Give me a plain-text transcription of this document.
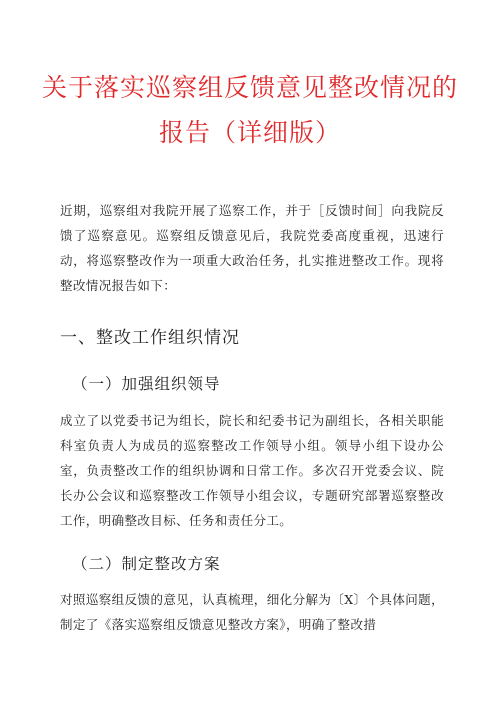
关于落实巡察组反馈意见整改情况的
报告（详细版）

近期，巡察组对我院开展了巡察工作，并于［反馈时间］向我院反馈了巡察意见。巡察组反馈意见后，我院党委高度重视，迅速行动，将巡察整改作为一项重大政治任务，扎实推进整改工作。现将整改情况报告如下：

一、整改工作组织情况
（一）加强组织领导

成立了以党委书记为组长，院长和纪委书记为副组长，各相关职能科室负责人为成员的巡察整改工作领导小组。领导小组下设办公室，负责整改工作的组织协调和日常工作。多次召开党委会议、院长办公会议和巡察整改工作领导小组会议，专题研究部署巡察整改工作，明确整改目标、任务和责任分工。

（二）制定整改方案

对照巡察组反馈的意见，认真梳理，细化分解为〔X〕个具体问题，制定了《落实巡察组反馈意见整改方案》，明确了整改措
